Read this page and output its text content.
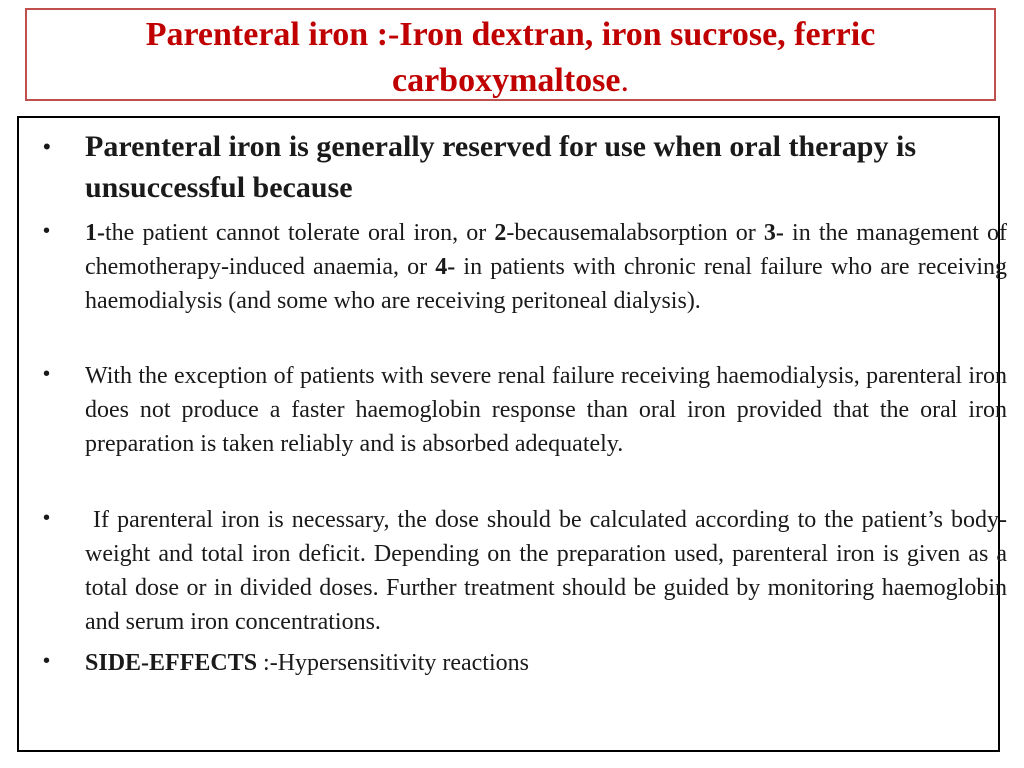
Parenteral iron :-Iron dextran, iron sucrose, ferric
carboxymaltose.
• Parenteral iron is generally reserved for use when oral therapy is unsuccessful because
• 1-the patient cannot tolerate oral iron, or 2-becausemalabsorption or 3- in the management of chemotherapy-induced anaemia, or 4- in patients with chronic renal failure who are receiving haemodialysis (and some who are receiving peritoneal dialysis).
• With the exception of patients with severe renal failure receiving haemodialysis, parenteral iron does not produce a faster haemoglobin response than oral iron provided that the oral iron preparation is taken reliably and is absorbed adequately.
• If parenteral iron is necessary, the dose should be calculated according to the patient’s body-weight and total iron deficit. Depending on the preparation used, parenteral iron is given as a total dose or in divided doses. Further treatment should be guided by monitoring haemoglobin and serum iron concentrations.
• SIDE-EFFECTS :-Hypersensitivity reactions
